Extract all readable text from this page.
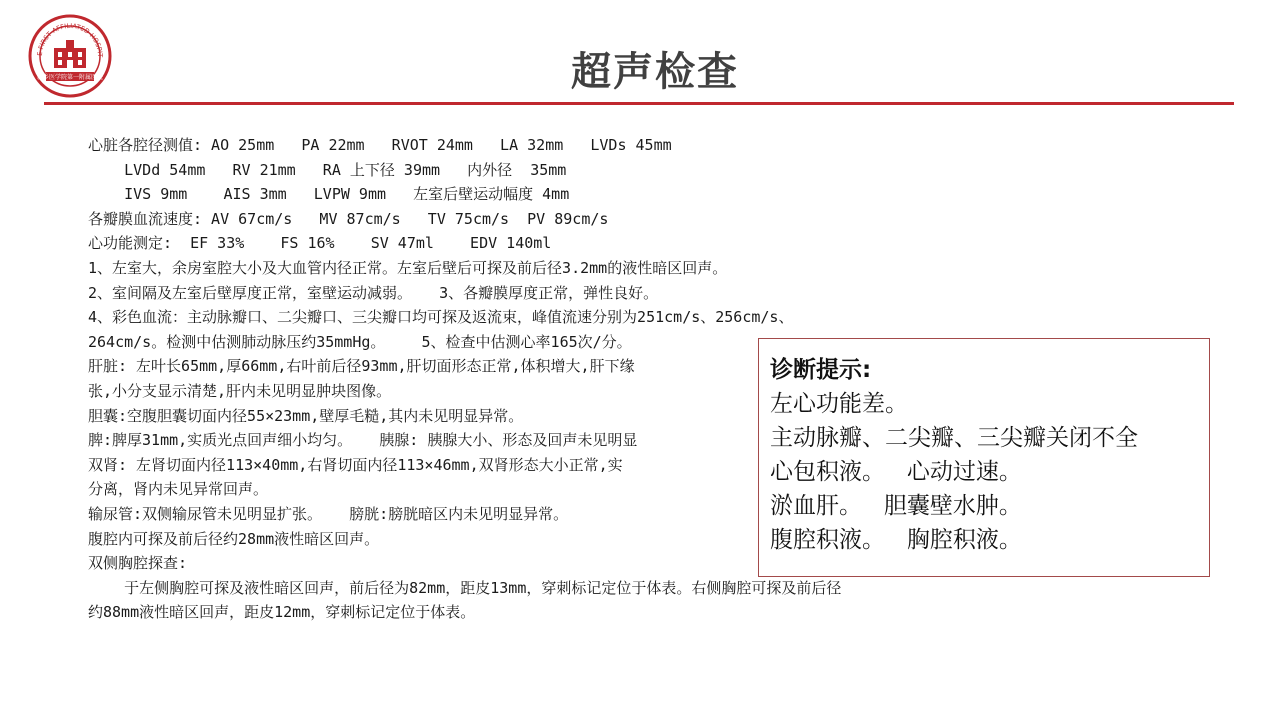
E FIRST AFFILIATED HOSPIT
新乡医学院第一附属医院	超声检查
心脏各腔径测值: AO 25mm   PA 22mm   RVOT 24mm   LA 32mm   LVDs 45mm
LVDd 54mm   RV 21mm   RA 上下径 39mm   内外径  35mm
IVS 9mm    AIS 3mm   LVPW 9mm   左室后壁运动幅度 4mm
各瓣膜血流速度: AV 67cm/s   MV 87cm/s   TV 75cm/s  PV 89cm/s
心功能测定:  EF 33%    FS 16%    SV 47ml    EDV 140ml
1、左室大，余房室腔大小及大血管内径正常。左室后壁后可探及前后径3.2mm的液性暗区回声。
2、室间隔及左室后壁厚度正常，室壁运动减弱。   3、各瓣膜厚度正常，弹性良好。
4、彩色血流：主动脉瓣口、二尖瓣口、三尖瓣口均可探及返流束，峰值流速分别为251cm/s、256cm/s、
264cm/s。检测中估测肺动脉压约35mmHg。    5、检查中估测心率165次/分。
肝脏: 左叶长65mm,厚66mm,右叶前后径93mm,肝切面形态正常,体积增大,肝下缘
张,小分支显示清楚,肝内未见明显肿块图像。
胆囊:空腹胆囊切面内径55×23mm,壁厚毛糙,其内未见明显异常。
脾:脾厚31mm,实质光点回声细小均匀。   胰腺: 胰腺大小、形态及回声未见明显
双肾: 左肾切面内径113×40mm,右肾切面内径113×46mm,双肾形态大小正常,实
分离，肾内未见异常回声。
输尿管:双侧输尿管未见明显扩张。   膀胱:膀胱暗区内未见明显异常。
腹腔内可探及前后径约28mm液性暗区回声。
双侧胸腔探查:
于左侧胸腔可探及液性暗区回声，前后径为82mm，距皮13mm，穿刺标记定位于体表。右侧胸腔可探及前后径
约88mm液性暗区回声，距皮12mm，穿刺标记定位于体表。
诊断提示:
左心功能差。
主动脉瓣、二尖瓣、三尖瓣关闭不全
心包积液。   心动过速。
淤血肝。   胆囊壁水肿。
腹腔积液。   胸腔积液。
